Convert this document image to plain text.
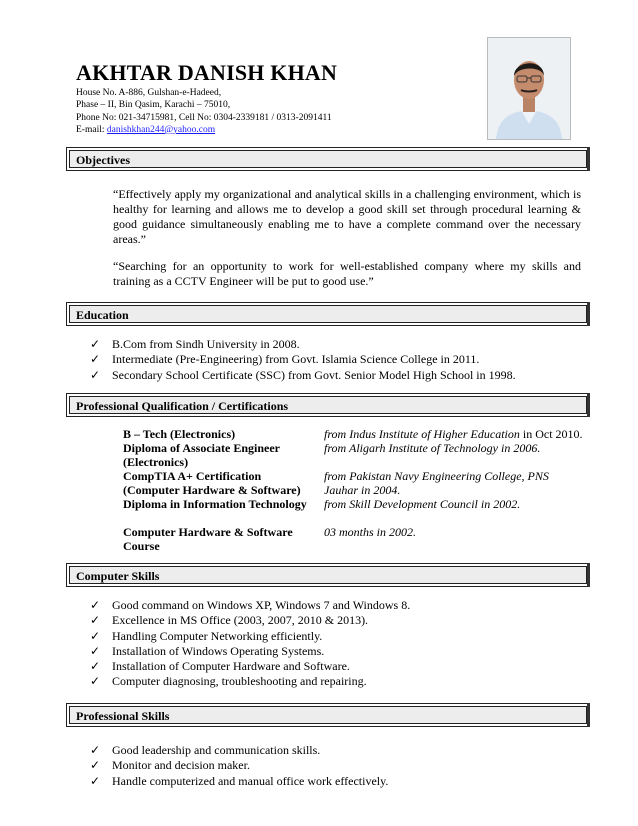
AKHTAR DANISH KHAN
House No. A-886, Gulshan-e-Hadeed,
Phase – II, Bin Qasim, Karachi – 75010,
Phone No: 021-34715981, Cell No: 0304-2339181 / 0313-2091411
E-mail: danishkhan244@yahoo.com
Objectives
“Effectively apply my organizational and analytical skills in a challenging environment, which is healthy for learning and allows me to develop a good skill set through procedural learning & good guidance simultaneously enabling me to have a complete command over the necessary areas.”
“Searching for an opportunity to work for well-established company where my skills and training as a CCTV Engineer will be put to good use.”
Education
✓ B.Com from Sindh University in 2008.
✓ Intermediate (Pre-Engineering) from Govt. Islamia Science College in 2011.
✓ Secondary School Certificate (SSC) from Govt. Senior Model High School in 1998.
Professional Qualification / Certifications
B – Tech (Electronics)	from Indus Institute of Higher Education in Oct 2010.
Diploma of Associate Engineer (Electronics)
from Aligarh Institute of Technology in 2006.
CompTIA A+ Certification (Computer Hardware & Software)
from Pakistan Navy Engineering College, PNS Jauhar in 2004.
Diploma in Information Technology	from Skill Development Council in 2002.
Computer Hardware & Software Course
03 months in 2002.
Computer Skills
✓ Good command on Windows XP, Windows 7 and Windows 8.
✓ Excellence in MS Office (2003, 2007, 2010 & 2013).
✓ Handling Computer Networking efficiently.
✓ Installation of Windows Operating Systems.
✓ Installation of Computer Hardware and Software.
✓ Computer diagnosing, troubleshooting and repairing.
Professional Skills
✓ Good leadership and communication skills.
✓ Monitor and decision maker.
✓ Handle computerized and manual office work effectively.
